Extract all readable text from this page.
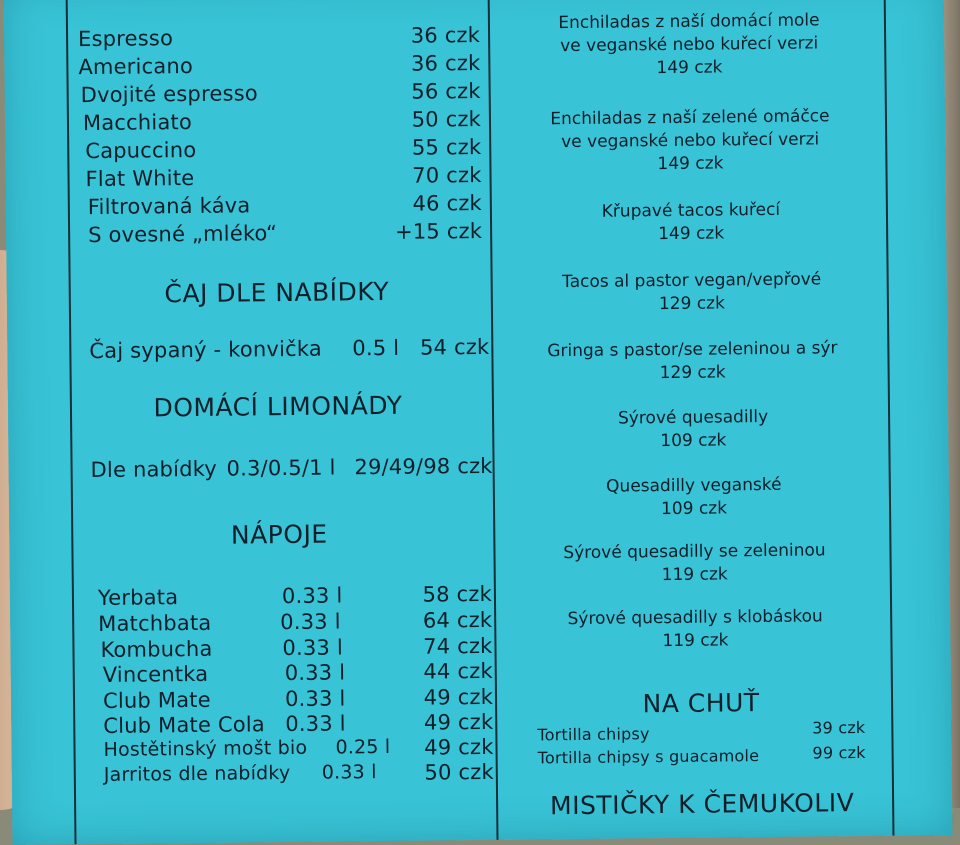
Espresso	36 czk
Americano	36 czk
Dvojité espresso	56 czk
Macchiato	50 czk
Capuccino	55 czk
Flat White	70 czk
Filtrovaná káva	46 czk
S ovesné „mléko“	+15 czk
ČAJ DLE NABÍDKY
Čaj sypaný - konvička 0.5 l 54 czk
DOMÁCÍ LIMONÁDY
Dle nabídky 0.3/0.5/1 l 29/49/98 czk
NÁPOJE
Yerbata	0.33 l	58 czk
Matchbata	0.33 l	64 czk
Kombucha	0.33 l	74 czk
Vincentka	0.33 l	44 czk
Club Mate	0.33 l	49 czk
Club Mate Cola 0.33 l	49 czk
Hostětinský mošt bio 0.25 l	49 czk
Jarritos dle nabídky 0.33 l	50 czk
Enchiladas z naší domácí mole
ve veganské nebo kuřecí verzi
149 czk
Enchiladas z naší zelené omáčce
ve veganské nebo kuřecí verzi
149 czk
Křupavé tacos kuřecí
149 czk
Tacos al pastor vegan/vepřové
129 czk
Gringa s pastor/se zeleninou a sýr
129 czk
Sýrové quesadilly
109 czk
Quesadilly veganské
109 czk
Sýrové quesadilly se zeleninou
119 czk
Sýrové quesadilly s klobáskou
119 czk
NA CHUŤ
Tortilla chipsy	39 czk
Tortilla chipsy s guacamole	99 czk
MISTIČKY K ČEMUKOLIV
